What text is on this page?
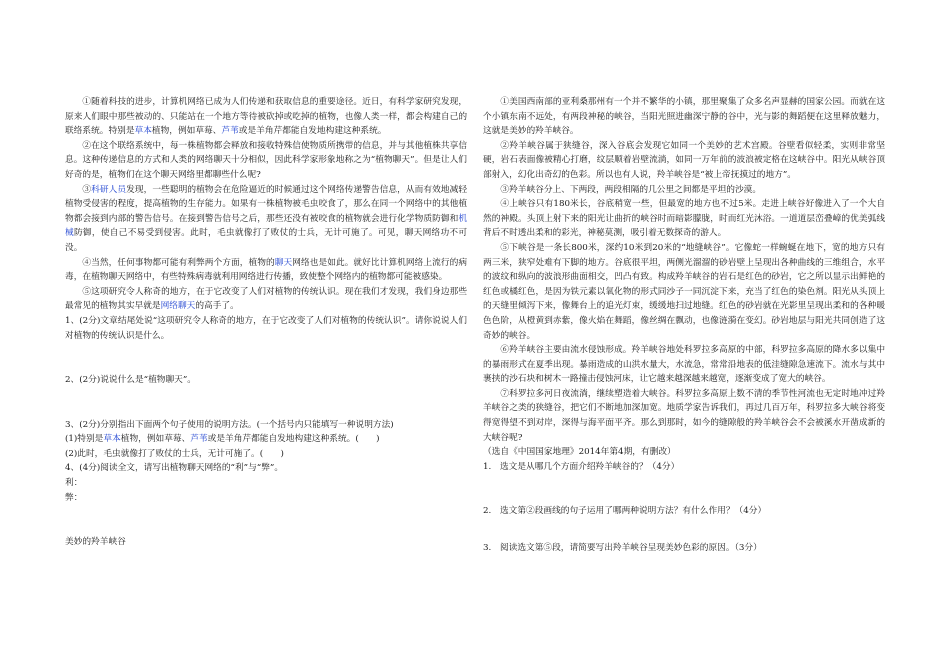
①随着科技的进步，计算机网络已成为人们传递和获取信息的重要途径。近日，有科学家研究发现，原来人们眼中那些被动的、只能站在一个地方等待被砍掉或吃掉的植物，也像人类一样，都会构建自己的联络系统。特别是草本植物，例如草莓、芦苇或是羊角芹都能自发地构建这种系统。

②在这个联络系统中，每一株植物都会释放和接收特殊信使物质所携带的信息，并与其他植株共享信息。这种传递信息的方式和人类的网络聊天十分相似，因此科学家形象地称之为“植物聊天”。但是让人们好奇的是，植物们在这个聊天网络里都聊些什么呢?

③科研人员发现，一些聪明的植物会在危险逼近的时候通过这个网络传递警告信息，从而有效地减轻植物受侵害的程度，提高植物的生存能力。如果有一株植物被毛虫咬食了，那么在同一个网络中的其他植物都会接到内部的警告信号。在接到警告信号之后，那些还没有被咬食的植物就会进行化学物质防御和机械防御，使自己不易受到侵害。此时，毛虫就像打了败仗的士兵，无计可施了。可见，聊天网络功不可没。

④当然，任何事物都可能有利弊两个方面，植物的聊天网络也是如此。就好比计算机网络上流行的病毒，在植物聊天网络中，有些特殊病毒就利用网络进行传播，致使整个网络内的植物都可能被感染。

⑤这项研究令人称奇的地方，在于它改变了人们对植物的传统认识。现在我们才发现，我们身边那些最常见的植物其实早就是网络聊天的高手了。

1、(2分)文章结尾处说“这项研究令人称奇的地方，在于它改变了人们对植物的传统认识”。请你说说人们对植物的传统认识是什么。

2、(2分)说说什么是“植物聊天”。

3、(2分)分别指出下面两个句子使用的说明方法。(一个括号内只能填写一种说明方法)

(1)特别是草本植物，例如草莓、芦苇或是羊角芹都能自发地构建这种系统。(　　)

(2)此时，毛虫就像打了败仗的士兵，无计可施了。(　　)

4、(4分)阅读全文，请写出植物聊天网络的“利”与“弊”。

利：

弊：

美妙的羚羊峡谷

①美国西南部的亚利桑那州有一个并不繁华的小镇，那里聚集了众多名声显赫的国家公园。而就在这个小镇东南不远处，有两段神秘的峡谷，当阳光照进幽深宁静的谷中，光与影的舞蹈便在这里释放魅力，这就是美妙的羚羊峡谷。

②羚羊峡谷属于狭缝谷，深入谷底会发现它如同一个美妙的艺术宫殿。谷壁看似轻柔，实则非常坚硬，岩石表面像被精心打磨，纹层顺着岩壁流淌，如同一万年前的波浪被定格在这峡谷中。阳光从峡谷顶部射入，幻化出奇幻的色彩。所以也有人说，羚羊峡谷是“被上帝抚摸过的地方”。

③羚羊峡谷分上、下两段，两段相隔的几公里之间都是平坦的沙漠。

④上峡谷只有180米长，谷底稍宽一些，但最宽的地方也不过5米。走进上峡谷好像进入了一个大自然的神殿。头顶上射下来的阳光让曲折的峡谷时而暗影朦胧，时而红光沐浴。一道道层峦叠嶂的优美弧线背后不时透出柔和的彩光，神秘莫测，吸引着无数探奇的游人。

⑤下峡谷是一条长800米，深约10米到20米的“地缝峡谷”。它像蛇一样蜿蜒在地下，宽的地方只有两三米，狭窄处难有下脚的地方。谷底很平坦，两侧光溜溜的砂岩壁上呈现出各种曲线的三维组合，水平的波纹和纵向的波浪形曲面相交，凹凸有致。构成羚羊峡谷的岩石是红色的砂岩，它之所以显示出鲜艳的红色或橘红色，是因为铁元素以氧化物的形式同沙子一同沉淀下来，充当了红色的染色剂。阳光从头顶上的天缝里倾泻下来，像舞台上的追光灯束，缓缓地扫过地缝。红色的砂岩就在光影里呈现出柔和的各种暖色色阶，从橙黄到赤紫，像火焰在舞蹈，像丝绸在飘动，也像涟漪在变幻。砂岩地层与阳光共同创造了这奇妙的峡谷。

⑥羚羊峡谷主要由流水侵蚀形成。羚羊峡谷地处科罗拉多高原的中部，科罗拉多高原的降水多以集中的暴雨形式在夏季出现。暴雨造成的山洪水量大，水流急，常常沿地表的低洼缝隙急速流下。流水与其中裹挟的沙石块和树木一路撞击侵蚀河床，让它越来越深越来越宽，逐渐变成了宽大的峡谷。

⑦科罗拉多河日夜流淌，继续塑造着大峡谷。科罗拉多高原上数不清的季节性河流也无定时地冲过羚羊峡谷之类的狭缝谷，把它们不断地加深加宽。地质学家告诉我们，再过几百万年，科罗拉多大峡谷将变得宽得望不到对岸，深得与海平面平齐。那么到那时，如今的缝隙般的羚羊峡谷会不会被溪水开凿成新的大峡谷呢?

（选自《中国国家地理》2014年第4期，有删改）

1.　选文是从哪几个方面介绍羚羊峡谷的？（4分）

2.　选文第②段画线的句子运用了哪两种说明方法？有什么作用？（4分）

3.　阅读选文第⑤段，请简要写出羚羊峡谷呈现美妙色彩的原因。（3分）
